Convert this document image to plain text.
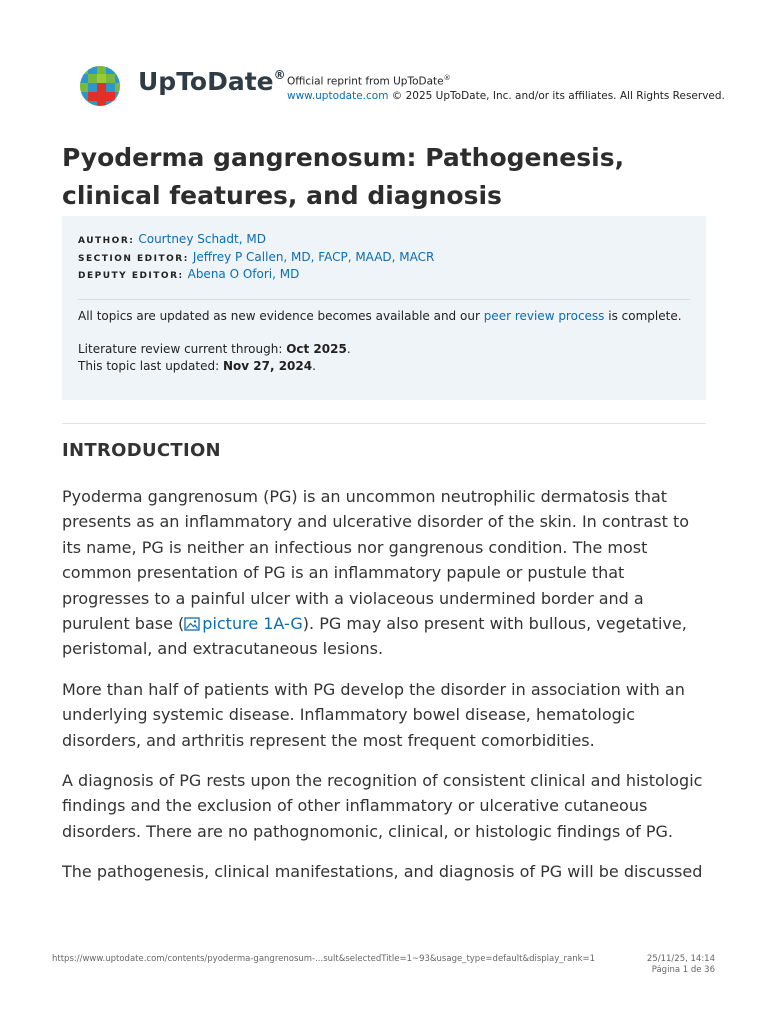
UpToDate® Official reprint from UpToDate®
www.uptodate.com © 2025 UpToDate, Inc. and/or its affiliates. All Rights Reserved.
Pyoderma gangrenosum: Pathogenesis, clinical features, and diagnosis
AUTHOR: Courtney Schadt, MD
SECTION EDITOR: Jeffrey P Callen, MD, FACP, MAAD, MACR
DEPUTY EDITOR: Abena O Ofori, MD
All topics are updated as new evidence becomes available and our peer review process is complete.
Literature review current through: Oct 2025.
This topic last updated: Nov 27, 2024.
INTRODUCTION

Pyoderma gangrenosum (PG) is an uncommon neutrophilic dermatosis that presents as an inflammatory and ulcerative disorder of the skin. In contrast to its name, PG is neither an infectious nor gangrenous condition. The most common presentation of PG is an inflammatory papule or pustule that progresses to a painful ulcer with a violaceous undermined border and a purulent base ( picture 1A-G). PG may also present with bullous, vegetative, peristomal, and extracutaneous lesions.

More than half of patients with PG develop the disorder in association with an underlying systemic disease. Inflammatory bowel disease, hematologic disorders, and arthritis represent the most frequent comorbidities.

A diagnosis of PG rests upon the recognition of consistent clinical and histologic findings and the exclusion of other inflammatory or ulcerative cutaneous disorders. There are no pathognomonic, clinical, or histologic findings of PG.

The pathogenesis, clinical manifestations, and diagnosis of PG will be discussed

https://www.uptodate.com/contents/pyoderma-gangrenosum-...sult&selectedTitle=1~93&usage_type=default&display_rank=1	25/11/25, 14:14
Página 1 de 36
